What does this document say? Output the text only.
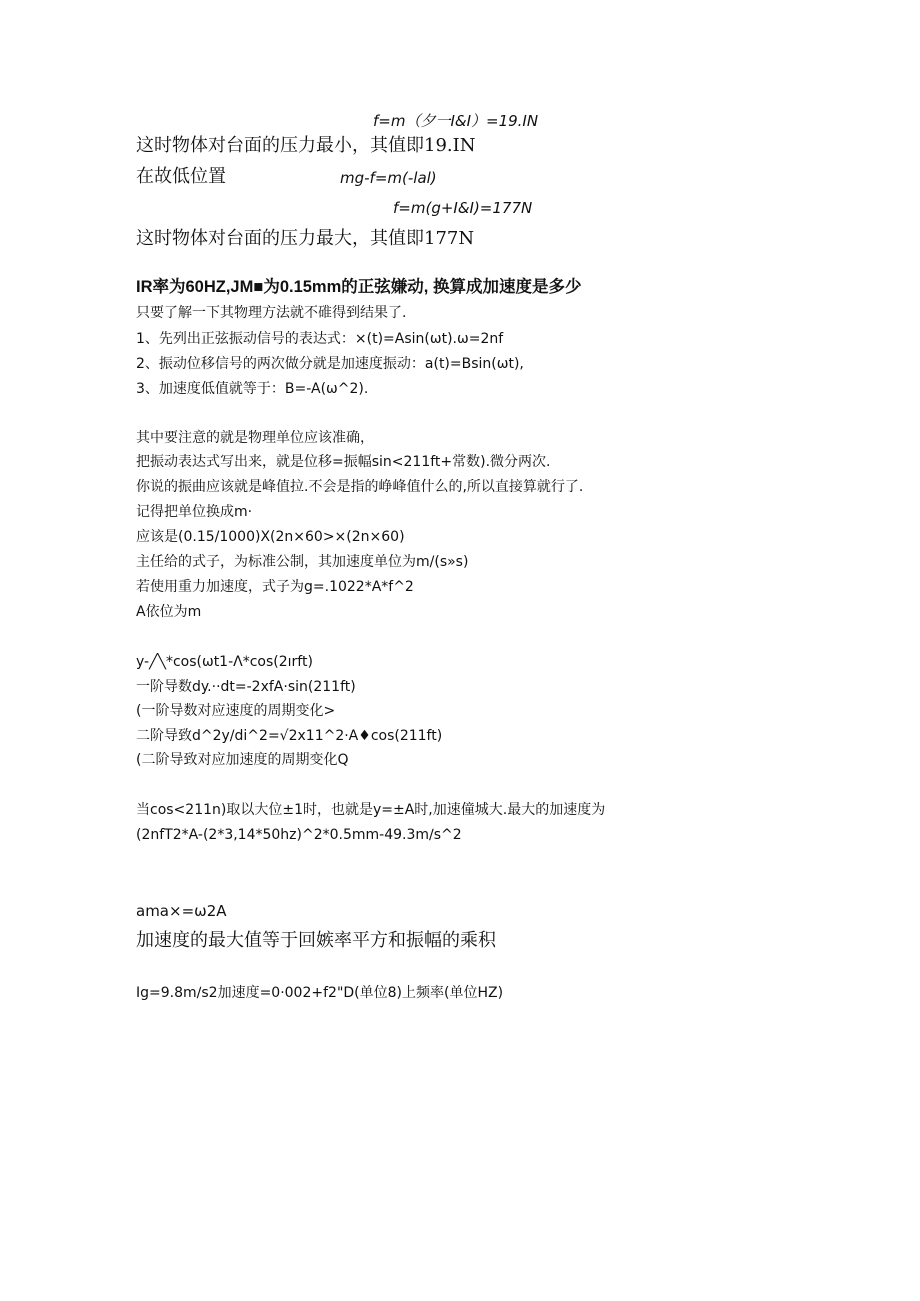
f=m（夕一I&I）=19.IN
这时物体对台面的压力最小，其值即19.IN
在故低位置	mg-f=m(-lal)
f=m(g+I&I)=177N
这时物体对台面的压力最大，其值即177N
IR率为60HZ,JM■为0.15mm的正弦嫌动, 换算成加速度是多少
只要了解一下其物理方法就不碓得到结果了.
1、先列出正弦振动信号的表达式：×(t)=Asin(ωt).ω=2nf
2、振动位移信号的两次做分就是加速度振动：a(t)=Bsin(ωt),
3、加速度低值就等于：B=-A(ω^2).
其中要注意的就是物理单位应该准确，
把振动表达式写出来，就是位移=振幅sin<211ft+常数).微分两次.
你说的振曲应该就是峰值拉.不会是指的峥峰值什么的,所以直接算就行了.
记得把单位换成m·
应该是(0.15/1000)X(2n×60>×(2n×60)
主任给的式子，为标准公制，其加速度单位为m/(s»s)
若使用重力加速度，式子为g=.1022*A*f^2
A依位为m
y-╱╲*cos(ωt1-Λ*cos(2ırft)
一阶导数dy.··dt=-2xfA·sin(211ft)
(一阶导数对应速度的周期变化>
二阶导致d^2y/di^2=√2x11^2·A♦cos(211ft)
(二阶导致对应加速度的周期变化Q
当cos<211n)取以大位±1时，也就是y=±A时,加速僮城大.最大的加速度为
(2nfT2*A-(2*3,14*50hz)^2*0.5mm-49.3m∕s^2
ama×=ω2A
加速度的最大值等于回嫉率平方和振幅的乘积
Ig=9.8m∕s2加速度=0·002+f2"D(单位8)上频率(单位HZ)
